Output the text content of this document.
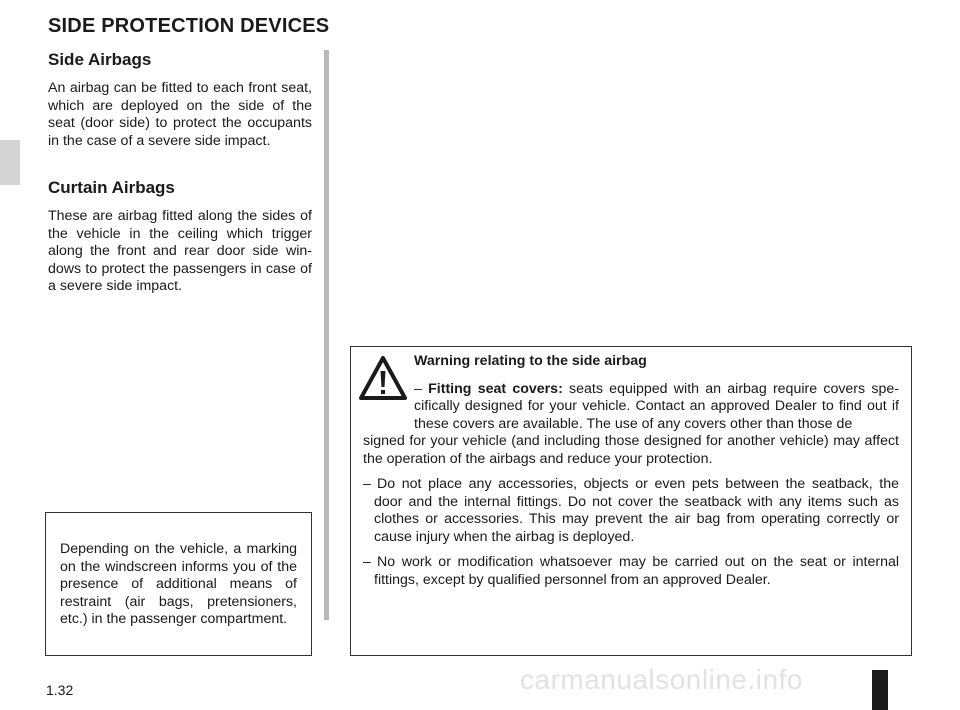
SIDE PROTECTION DEVICES
Side Airbags

An airbag can be fitted to each front seat, which are deployed on the side of the seat (door side) to protect the occupants in the case of a severe side impact.

Curtain Airbags

These are airbag fitted along the sides of the vehicle in the ceiling which trigger along the front and rear door side windows to protect the passengers in case of a severe side impact.

Depending on the vehicle, a marking on the windscreen informs you of the presence of additional means of restraint (air bags, pretensioners, etc.) in the passenger compartment.

Warning relating to the side airbag

– Fitting seat covers: seats equipped with an airbag require covers specifically designed for your vehicle. Contact an approved Dealer to find out if these covers are available. The use of any covers other than those de
signed for your vehicle (and including those designed for another vehicle) may affect the operation of the airbags and reduce your protection.

– Do not place any accessories, objects or even pets between the seatback, the door and the internal fittings. Do not cover the seatback with any items such as clothes or accessories. This may prevent the air bag from operating correctly or cause injury when the airbag is deployed.

– No work or modification whatsoever may be carried out on the seat or internal fittings, except by qualified personnel from an approved Dealer.

1.32	carmanualsonline.info
